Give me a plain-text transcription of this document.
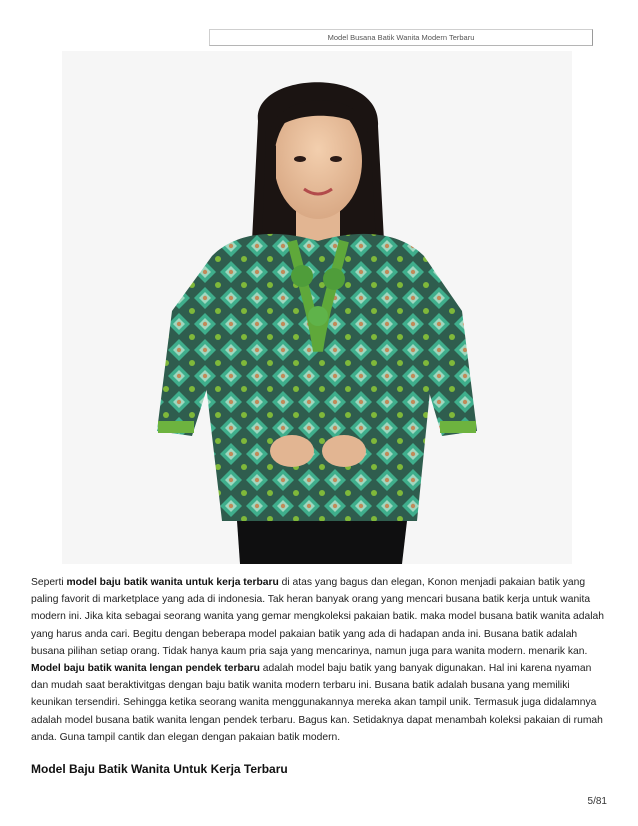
Model Busana Batik Wanita Modern Terbaru

Seperti model baju batik wanita untuk kerja terbaru di atas yang bagus dan elegan, Konon menjadi pakaian batik yang paling favorit di marketplace yang ada di indonesia. Tak heran banyak orang yang mencari busana batik kerja untuk wanita modern ini. Jika kita sebagai seorang wanita yang gemar mengkoleksi pakaian batik. maka model busana batik wanita adalah yang harus anda cari. Begitu dengan beberapa model pakaian batik yang ada di hadapan anda ini. Busana batik adalah busana pilihan setiap orang. Tidak hanya kaum pria saja yang mencarinya, namun juga para wanita modern. menarik kan.

Model baju batik wanita lengan pendek terbaru adalah model baju batik yang banyak digunakan. Hal ini karena nyaman dan mudah saat beraktivitgas dengan baju batik wanita modern terbaru ini. Busana batik adalah busana yang memiliki keunikan tersendiri. Sehingga ketika seorang wanita menggunakannya mereka akan tampil unik. Termasuk juga didalamnya adalah model busana batik wanita lengan pendek terbaru. Bagus kan. Setidaknya dapat menambah koleksi pakaian di rumah anda. Guna tampil cantik dan elegan dengan pakaian batik modern.

Model Baju Batik Wanita Untuk Kerja Terbaru
5/81
